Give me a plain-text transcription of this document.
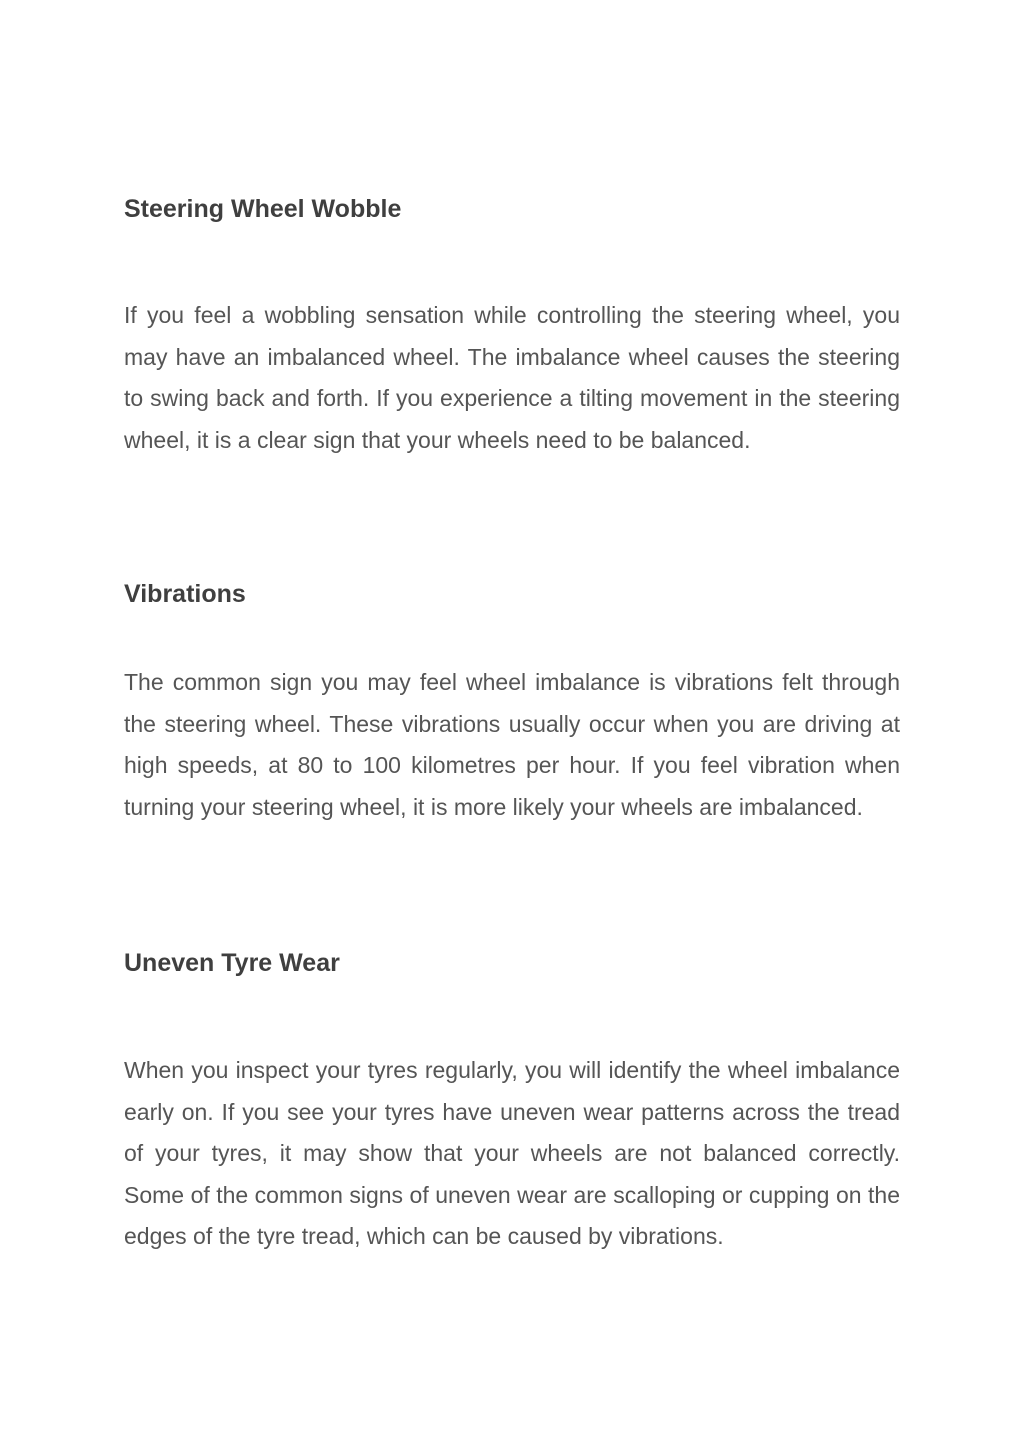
Steering Wheel Wobble

If you feel a wobbling sensation while controlling the steering wheel, you may have an imbalanced wheel. The imbalance wheel causes the steering to swing back and forth. If you experience a tilting movement in the steering wheel, it is a clear sign that your wheels need to be balanced.

Vibrations

The common sign you may feel wheel imbalance is vibrations felt through the steering wheel. These vibrations usually occur when you are driving at high speeds, at 80 to 100 kilometres per hour. If you feel vibration when turning your steering wheel, it is more likely your wheels are imbalanced.

Uneven Tyre Wear

When you inspect your tyres regularly, you will identify the wheel imbalance early on. If you see your tyres have uneven wear patterns across the tread of your tyres, it may show that your wheels are not balanced correctly. Some of the common signs of uneven wear are scalloping or cupping on the edges of the tyre tread, which can be caused by vibrations.
